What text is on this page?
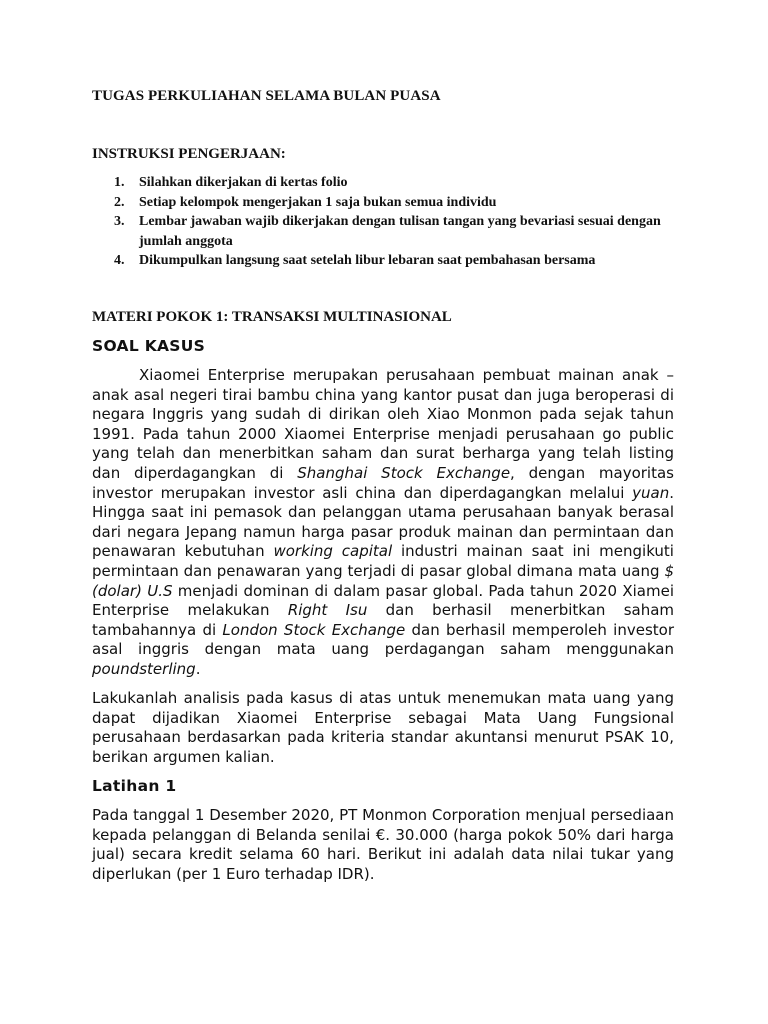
TUGAS PERKULIAHAN SELAMA BULAN PUASA
INSTRUKSI PENGERJAAN:
1. Silahkan dikerjakan di kertas folio
2. Setiap kelompok mengerjakan 1 saja bukan semua individu
3. Lembar jawaban wajib dikerjakan dengan tulisan tangan yang bevariasi sesuai dengan jumlah anggota
4. Dikumpulkan langsung saat setelah libur lebaran saat pembahasan bersama
MATERI POKOK 1: TRANSAKSI MULTINASIONAL
SOAL KASUS

Xiaomei Enterprise merupakan perusahaan pembuat mainan anak – anak asal negeri tirai bambu china yang kantor pusat dan juga beroperasi di negara Inggris yang sudah di dirikan oleh Xiao Monmon pada sejak tahun 1991. Pada tahun 2000 Xiaomei Enterprise menjadi perusahaan go public yang telah dan menerbitkan saham dan surat berharga yang telah listing dan diperdagangkan di Shanghai Stock Exchange, dengan mayoritas investor merupakan investor asli china dan diperdagangkan melalui yuan. Hingga saat ini pemasok dan pelanggan utama perusahaan banyak berasal dari negara Jepang namun harga pasar produk mainan dan permintaan dan penawaran kebutuhan working capital industri mainan saat ini mengikuti permintaan dan penawaran yang terjadi di pasar global dimana mata uang $ (dolar) U.S menjadi dominan di dalam pasar global. Pada tahun 2020 Xiamei Enterprise melakukan Right Isu dan berhasil menerbitkan saham tambahannya di London Stock Exchange dan berhasil memperoleh investor asal inggris dengan mata uang perdagangan saham menggunakan poundsterling.

Lakukanlah analisis pada kasus di atas untuk menemukan mata uang yang dapat dijadikan Xiaomei Enterprise sebagai Mata Uang Fungsional perusahaan berdasarkan pada kriteria standar akuntansi menurut PSAK 10, berikan argumen kalian.

Latihan 1

Pada tanggal 1 Desember 2020, PT Monmon Corporation menjual persediaan kepada pelanggan di Belanda senilai €. 30.000 (harga pokok 50% dari harga jual) secara kredit selama 60 hari. Berikut ini adalah data nilai tukar yang diperlukan (per 1 Euro terhadap IDR).
